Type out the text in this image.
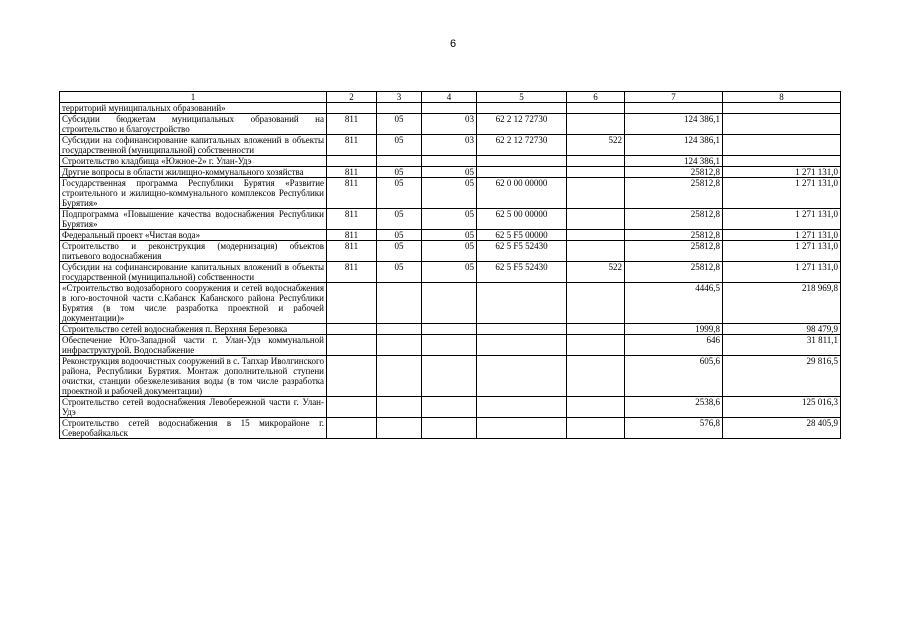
6
1	2	3	4	5	6	7	8
территорий муниципальных образований»							
Субсидии бюджетам муниципальных образований на строительство и благоустройство	811	05	03	62 2 12 72730		124 386,1	
Субсидии на софинансирование капитальных вложений в объекты государственной (муниципальной) собственности	811	05	03	62 2 12 72730	522	124 386,1	
Строительство кладбища «Южное-2» г. Улан-Удэ						124 386,1	
Другие вопросы в области жилищно-коммунального хозяйства	811	05	05			25812,8	1 271 131,0
Государственная программа Республики Бурятия «Развитие строительного и жилищно-коммунального комплексов Республики Бурятия»	811	05	05	62 0 00 00000		25812,8	1 271 131,0
Подпрограмма «Повышение качества водоснабжения Республики Бурятия»	811	05	05	62 5 00 00000		25812,8	1 271 131,0
Федеральный проект «Чистая вода»	811	05	05	62 5 F5 00000		25812,8	1 271 131,0
Строительство и реконструкция (модернизация) объектов питьевого водоснабжения	811	05	05	62 5 F5 52430		25812,8	1 271 131,0
Субсидии на софинансирование капитальных вложений в объекты государственной (муниципальной) собственности	811	05	05	62 5 F5 52430	522	25812,8	1 271 131,0
«Строительство водозаборного сооружения и сетей водоснабжения в юго-восточной части с.Кабанск Кабанского района Республики Бурятия (в том числе разработка проектной и рабочей документации)»						4446,5	218 969,8
Строительство сетей водоснабжения п. Верхняя Березовка						1999,8	98 479,9
Обеспечение Юго-Западной части г. Улан-Удэ коммунальной инфраструктурой. Водоснабжение						646	31 811,1
Реконструкция водоочистных сооружений в с. Тапхар Иволгинского района, Республики Бурятия. Монтаж дополнительной ступени очистки, станции обезжелезивания воды (в том числе разработка проектной и рабочей документации)						605,6	29 816,5
Строительство сетей водоснабжения Левобережной части г. Улан-Удэ						2538,6	125 016,3
Строительство сетей водоснабжения в 15 микрорайоне г. Северобайкальск						576,8	28 405,9
